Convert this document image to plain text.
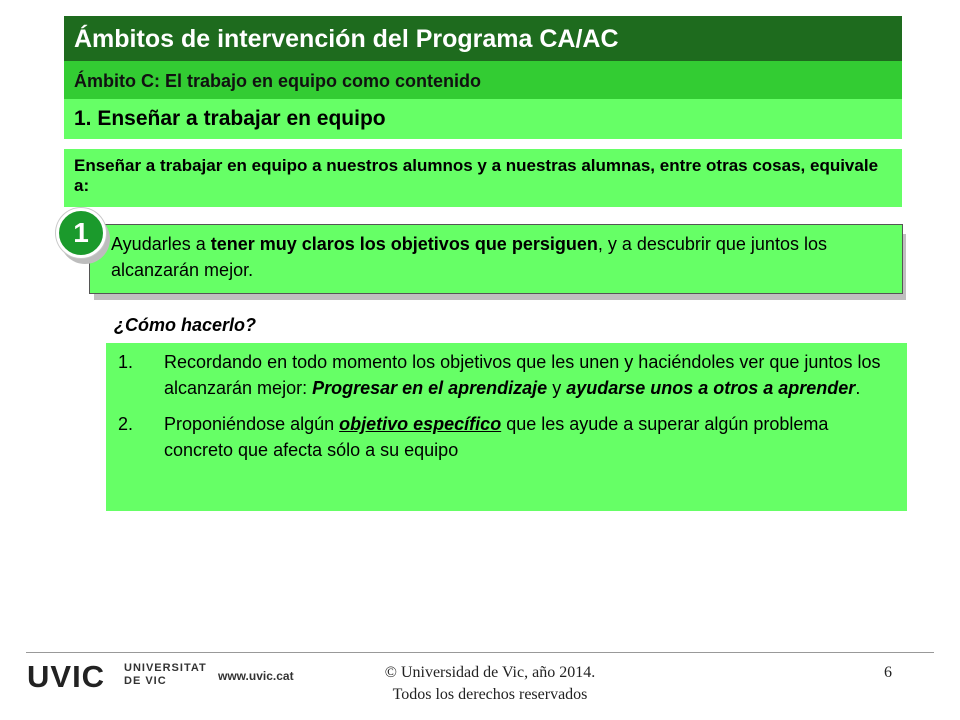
Ámbitos de intervención del Programa CA/AC
Ámbito C: El trabajo en equipo como contenido
1. Enseñar a trabajar en equipo
Enseñar a trabajar en equipo a nuestros alumnos y a nuestras alumnas, entre otras cosas, equivale a:
Ayudarles a tener muy claros los objetivos que persiguen, y a descubrir que juntos los alcanzarán mejor.
1
¿Cómo hacerlo?
1.	Recordando en todo momento los objetivos que les unen y haciéndoles ver que juntos los alcanzarán mejor: Progresar en el aprendizaje y ayudarse unos a otros a aprender.
2.	Proponiéndose algún objetivo específico que les ayude a superar algún problema concreto que afecta sólo a su equipo
UVIC UNIVERSITAT
DE VIC	www.uvic.cat	© Universidad de Vic, año 2014.
Todos los derechos reservados
6
